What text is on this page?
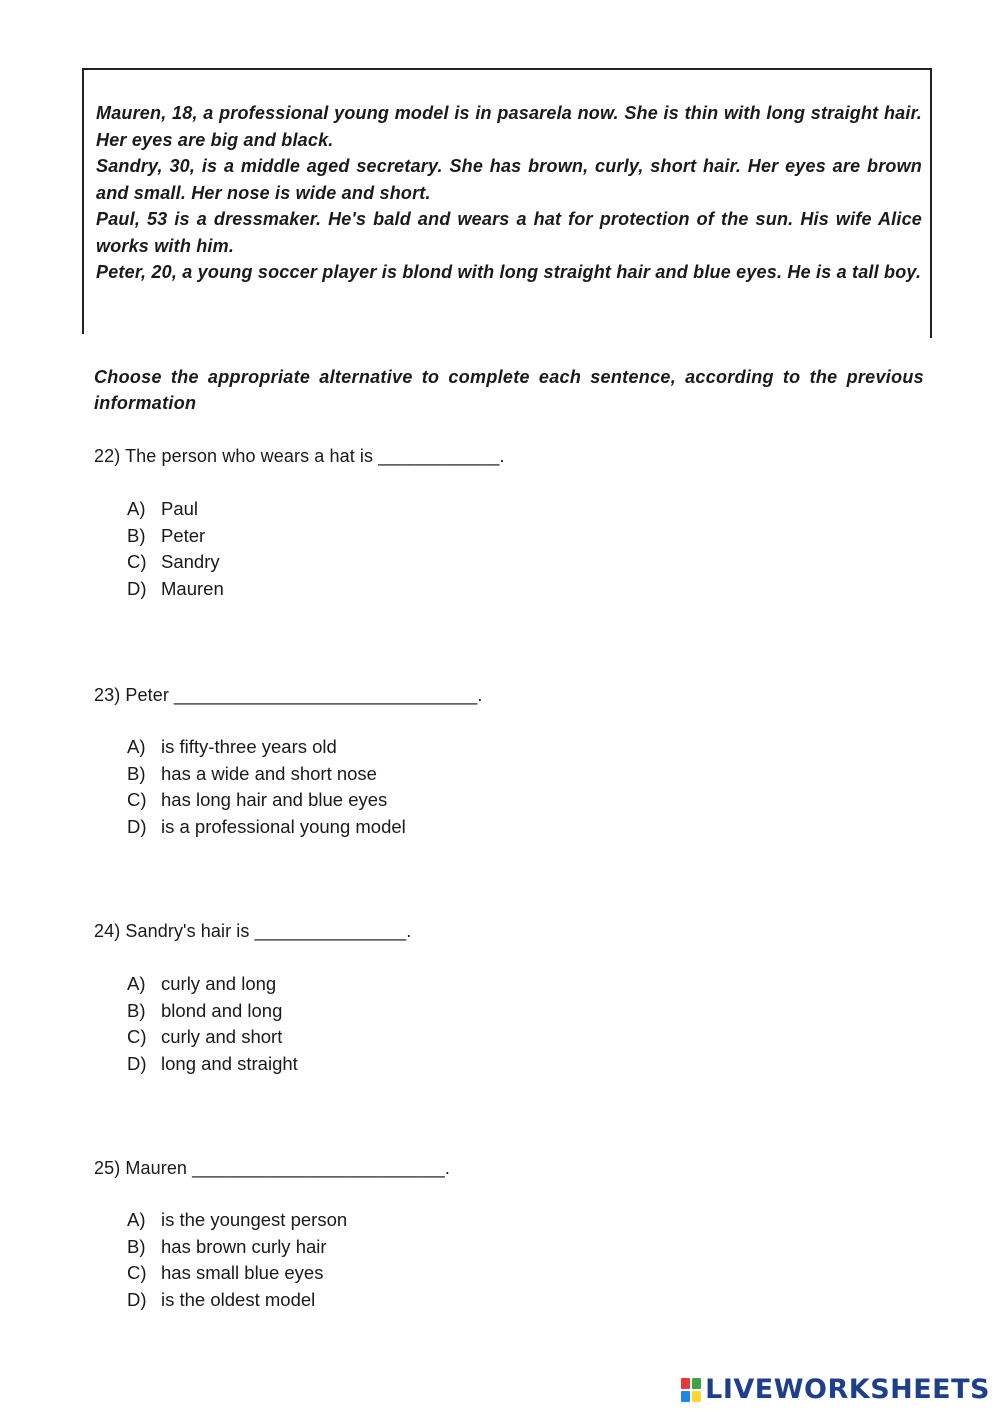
Mauren, 18, a professional young model is in pasarela now. She is thin with long straight hair. Her eyes are big and black.

Sandry, 30, is a middle aged secretary. She has brown, curly, short hair. Her eyes are brown and small. Her nose is wide and short.

Paul, 53 is a dressmaker. He's bald and wears a hat for protection of the sun. His wife Alice works with him.

Peter, 20, a young soccer player is blond with long straight hair and blue eyes. He is a tall boy.

Choose the appropriate alternative to complete each sentence, according to the previous information
22) The person who wears a hat is ____________.
A) Paul
B) Peter
C) Sandry
D) Mauren
23) Peter ______________________________.
A) is fifty-three years old
B) has a wide and short nose
C) has long hair and blue eyes
D) is a professional young model
24) Sandry's hair is _______________.
A) curly and long
B) blond and long
C) curly and short
D) long and straight
25) Mauren _________________________.
A) is the youngest person
B) has brown curly hair
C) has small blue eyes
D) is the oldest model
LIVEWORKSHEETS
